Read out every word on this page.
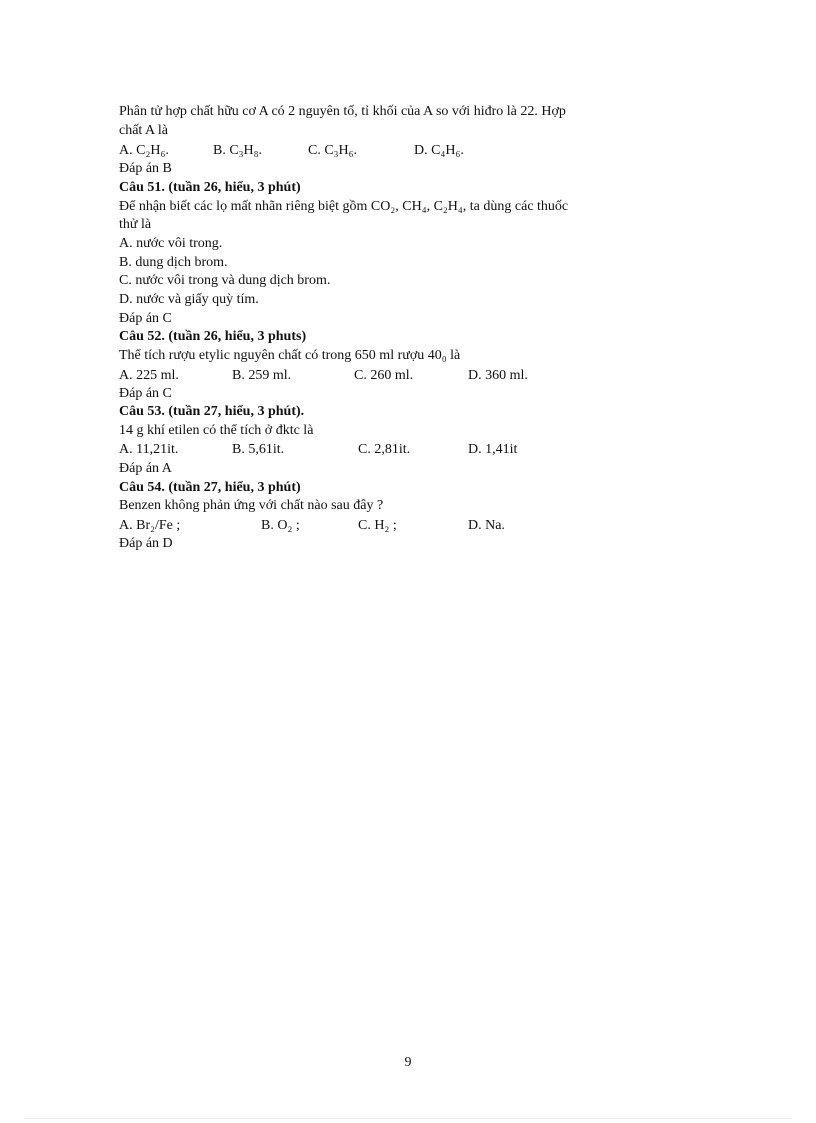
Phân tử hợp chất hữu cơ A có 2 nguyên tố, tỉ khối của A so với hiđro là 22. Hợp
chất A là
A. C₂H₆.	B. C₃H₈.	C. C₃H₆.	D. C₄H₆.
Đáp án B
Câu 51. (tuần 26, hiểu, 3 phút)
Để nhận biết các lọ mất nhãn riêng biệt gồm CO₂, CH₄, C₂H₄, ta dùng các thuốc
thử là
A. nước vôi trong.
B. dung dịch brom.
C. nước vôi trong và dung dịch brom.
D. nước và giấy quỳ tím.
Đáp án C
Câu 52. (tuần 26, hiểu, 3 phuts)
Thể tích rượu etylic nguyên chất có trong 650 ml rượu 40₀ là
A. 225 ml.	B. 259 ml.	C. 260 ml.	D. 360 ml.
Đáp án C
Câu 53. (tuần 27, hiểu, 3 phút).
14 g khí etilen có thể tích ở đktc là
A. 11,21it.	B. 5,61it.	C. 2,81it.	D. 1,41it
Đáp án A
Câu 54. (tuần 27, hiểu, 3 phút)
Benzen không phản ứng với chất nào sau đây ?
A. Br₂/Fe ;	B. O₂ ;	C. H₂ ;	D. Na.
Đáp án D
9
